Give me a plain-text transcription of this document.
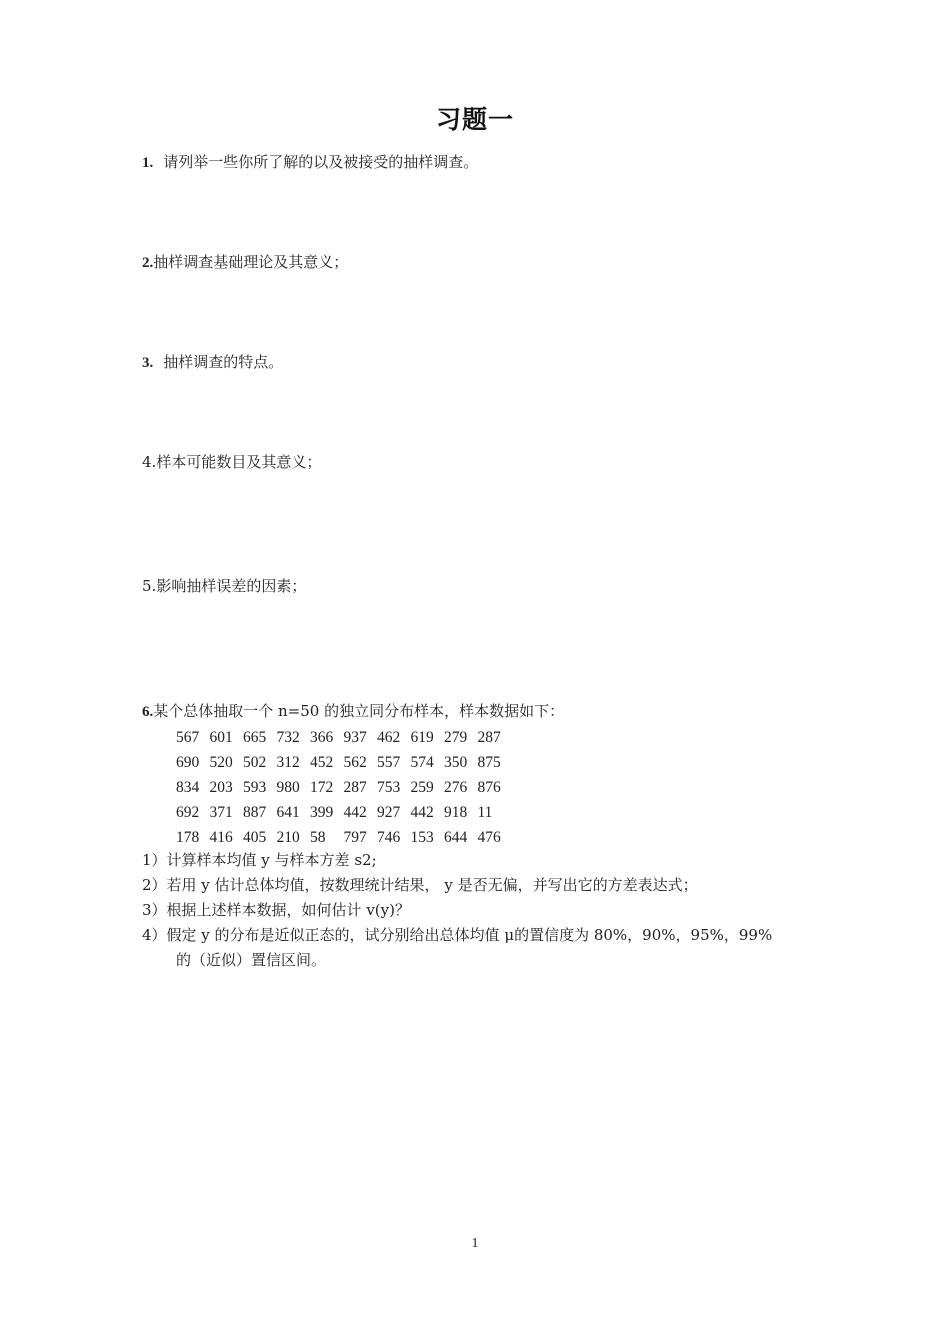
习题一
1. 请列举一些你所了解的以及被接受的抽样调查。
2.抽样调查基础理论及其意义；
3. 抽样调查的特点。
4.样本可能数目及其意义；
5.影响抽样误差的因素；
6.某个总体抽取一个 n=50 的独立同分布样本，样本数据如下：
567 601 665 732 366 937 462 619 279 287
690 520 502 312 452 562 557 574 350 875
834 203 593 980 172 287 753 259 276 876
692 371 887 641 399 442 927 442 918 11
178 416 405 210 58 797 746 153 644 476
1）计算样本均值 y 与样本方差 s2;
2）若用 y 估计总体均值，按数理统计结果， y 是否无偏，并写出它的方差表达式；
3）根据上述样本数据，如何估计 v(y)？
4）假定 y 的分布是近似正态的，试分别给出总体均值 μ的置信度为 80%，90%，95%，99%
的（近似）置信区间。
1
